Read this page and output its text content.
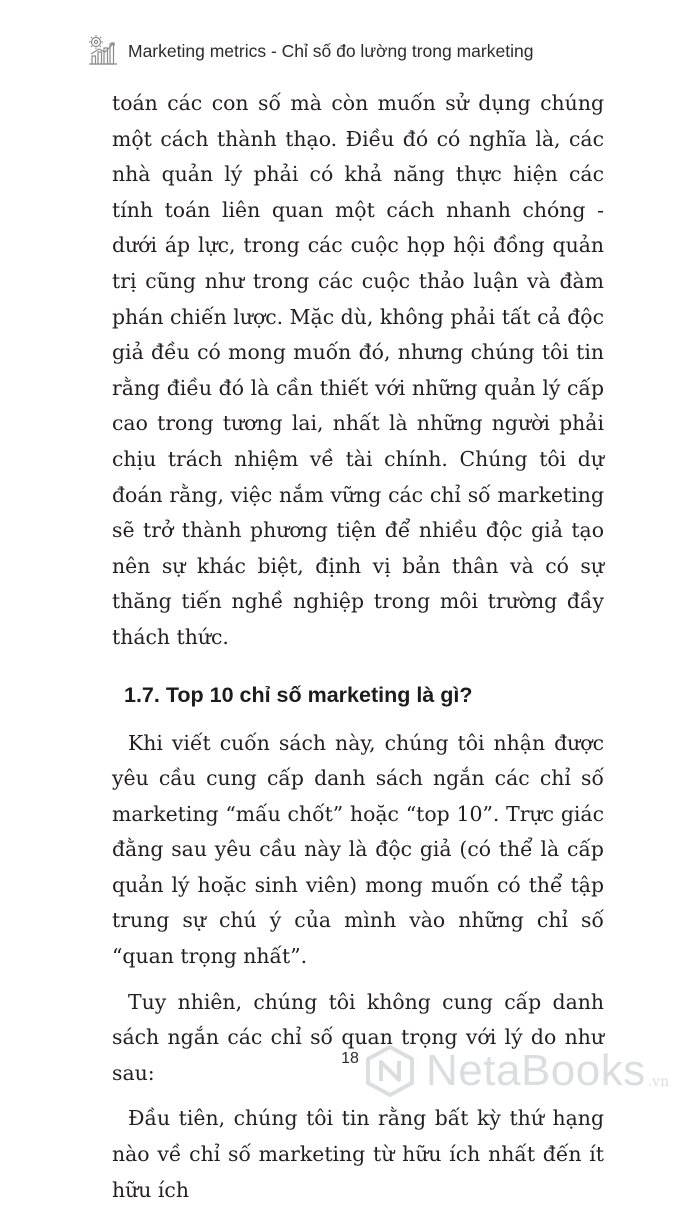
Marketing metrics - Chỉ số đo lường trong marketing

toán các con số mà còn muốn sử dụng chúng một cách thành thạo. Điều đó có nghĩa là, các nhà quản lý phải có khả năng thực hiện các tính toán liên quan một cách nhanh chóng - dưới áp lực, trong các cuộc họp hội đồng quản trị cũng như trong các cuộc thảo luận và đàm phán chiến lược. Mặc dù, không phải tất cả độc giả đều có mong muốn đó, nhưng chúng tôi tin rằng điều đó là cần thiết với những quản lý cấp cao trong tương lai, nhất là những người phải chịu trách nhiệm về tài chính. Chúng tôi dự đoán rằng, việc nắm vững các chỉ số marketing sẽ trở thành phương tiện để nhiều độc giả tạo nên sự khác biệt, định vị bản thân và có sự thăng tiến nghề nghiệp trong môi trường đầy thách thức.

1.7. Top 10 chỉ số marketing là gì?

Khi viết cuốn sách này, chúng tôi nhận được yêu cầu cung cấp danh sách ngắn các chỉ số marketing “mấu chốt” hoặc “top 10”. Trực giác đằng sau yêu cầu này là độc giả (có thể là cấp quản lý hoặc sinh viên) mong muốn có thể tập trung sự chú ý của mình vào những chỉ số “quan trọng nhất”.

Tuy nhiên, chúng tôi không cung cấp danh sách ngắn các chỉ số quan trọng với lý do như sau:

Đầu tiên, chúng tôi tin rằng bất kỳ thứ hạng nào về chỉ số marketing từ hữu ích nhất đến ít hữu ích

18	NetaBooks .vn
